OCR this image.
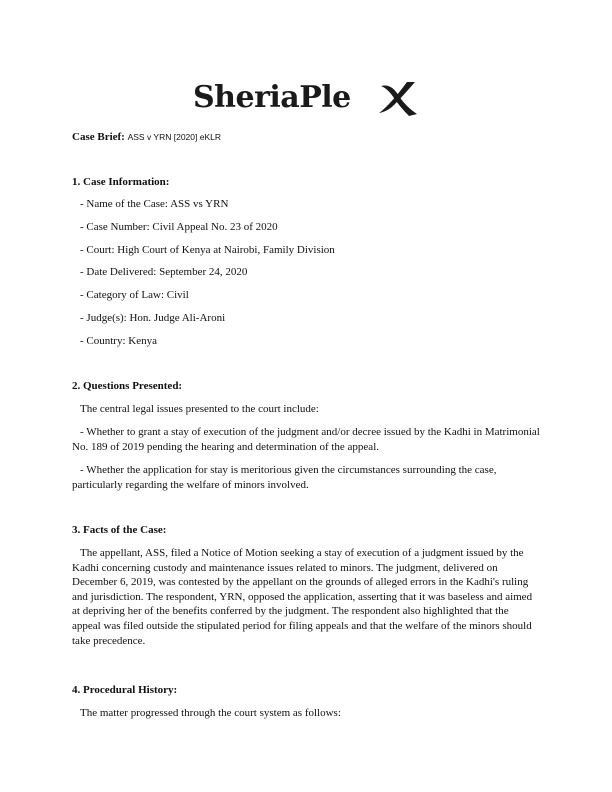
SheriaPle
Case Brief: ASS v YRN [2020] eKLR
1. Case Information:
- Name of the Case: ASS vs YRN
- Case Number: Civil Appeal No. 23 of 2020
- Court: High Court of Kenya at Nairobi, Family Division
- Date Delivered: September 24, 2020
- Category of Law: Civil
- Judge(s): Hon. Judge Ali-Aroni
- Country: Kenya
2. Questions Presented:
The central legal issues presented to the court include:
- Whether to grant a stay of execution of the judgment and/or decree issued by the Kadhi in Matrimonial No. 189 of 2019 pending the hearing and determination of the appeal.
- Whether the application for stay is meritorious given the circumstances surrounding the case, particularly regarding the welfare of minors involved.
3. Facts of the Case:
The appellant, ASS, filed a Notice of Motion seeking a stay of execution of a judgment issued by the Kadhi concerning custody and maintenance issues related to minors. The judgment, delivered on December 6, 2019, was contested by the appellant on the grounds of alleged errors in the Kadhi's ruling and jurisdiction. The respondent, YRN, opposed the application, asserting that it was baseless and aimed at depriving her of the benefits conferred by the judgment. The respondent also highlighted that the appeal was filed outside the stipulated period for filing appeals and that the welfare of the minors should take precedence.
4. Procedural History:
The matter progressed through the court system as follows:
